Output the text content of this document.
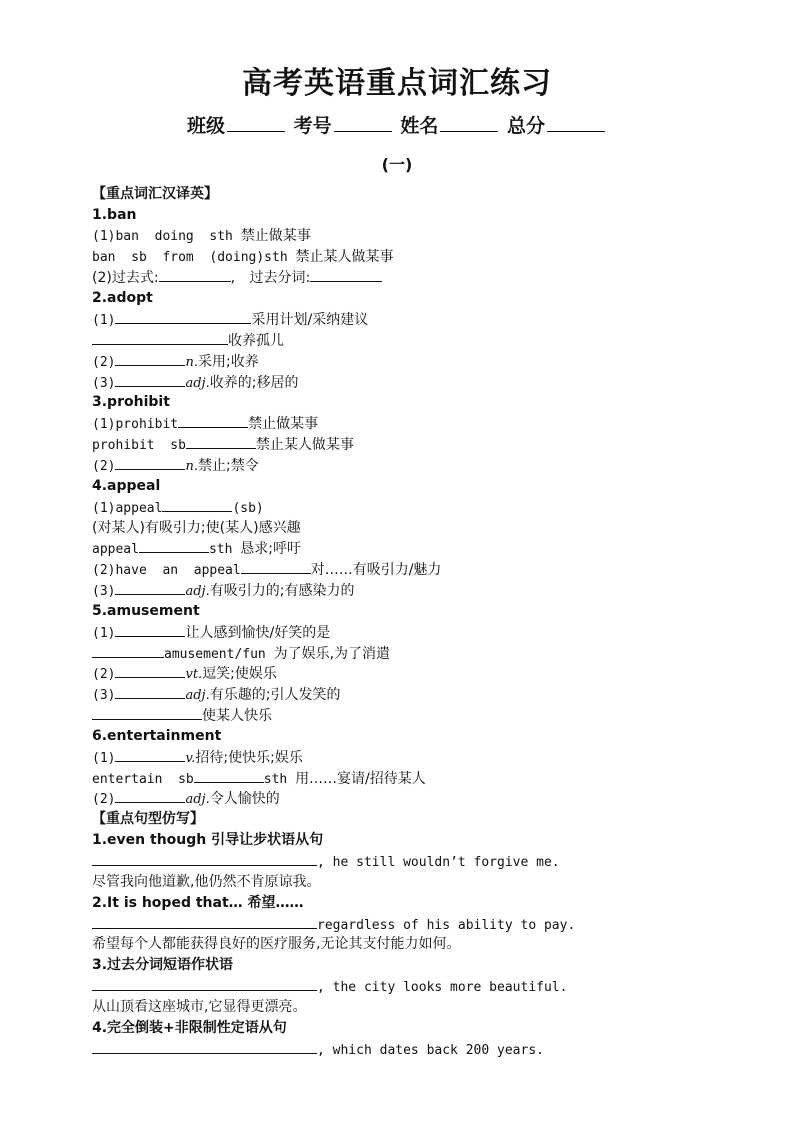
高考英语重点词汇练习
班级	考号	姓名	总分
(一)
【重点词汇汉译英】
1.ban
(1)ban  doing  sth 禁止做某事
ban  sb  from  (doing)sth 禁止某人做某事
(2)过去式:	, 过去分词:
2.adopt
(1)	采用计划/采纳建议
收养孤儿
(2)	n.采用;收养
(3)	adj.收养的;移居的
3.prohibit
(1)prohibit	禁止做某事
prohibit  sb	禁止某人做某事
(2)	n.禁止;禁令
4.appeal
(1)appeal	(sb)
(对某人)有吸引力;使(某人)感兴趣
appeal	sth 恳求;呼吁
(2)have  an  appeal	对……有吸引力/魅力
(3)	adj.有吸引力的;有感染力的
5.amusement
(1)	让人感到愉快/好笑的是
amusement/fun 为了娱乐,为了消遣
(2)	vt.逗笑;使娱乐
(3)	adj.有乐趣的;引人发笑的
使某人快乐
6.entertainment
(1)	v.招待;使快乐;娱乐
entertain  sb	sth 用……宴请/招待某人
(2)	adj.令人愉快的
【重点句型仿写】
1.even though 引导让步状语从句
, he still wouldn’t forgive me.
尽管我向他道歉,他仍然不肯原谅我。
2.It is hoped that… 希望……
regardless of his ability to pay.
希望每个人都能获得良好的医疗服务,无论其支付能力如何。
3.过去分词短语作状语
, the city looks more beautiful.
从山顶看这座城市,它显得更漂亮。
4.完全倒装+非限制性定语从句
, which dates back 200 years.
